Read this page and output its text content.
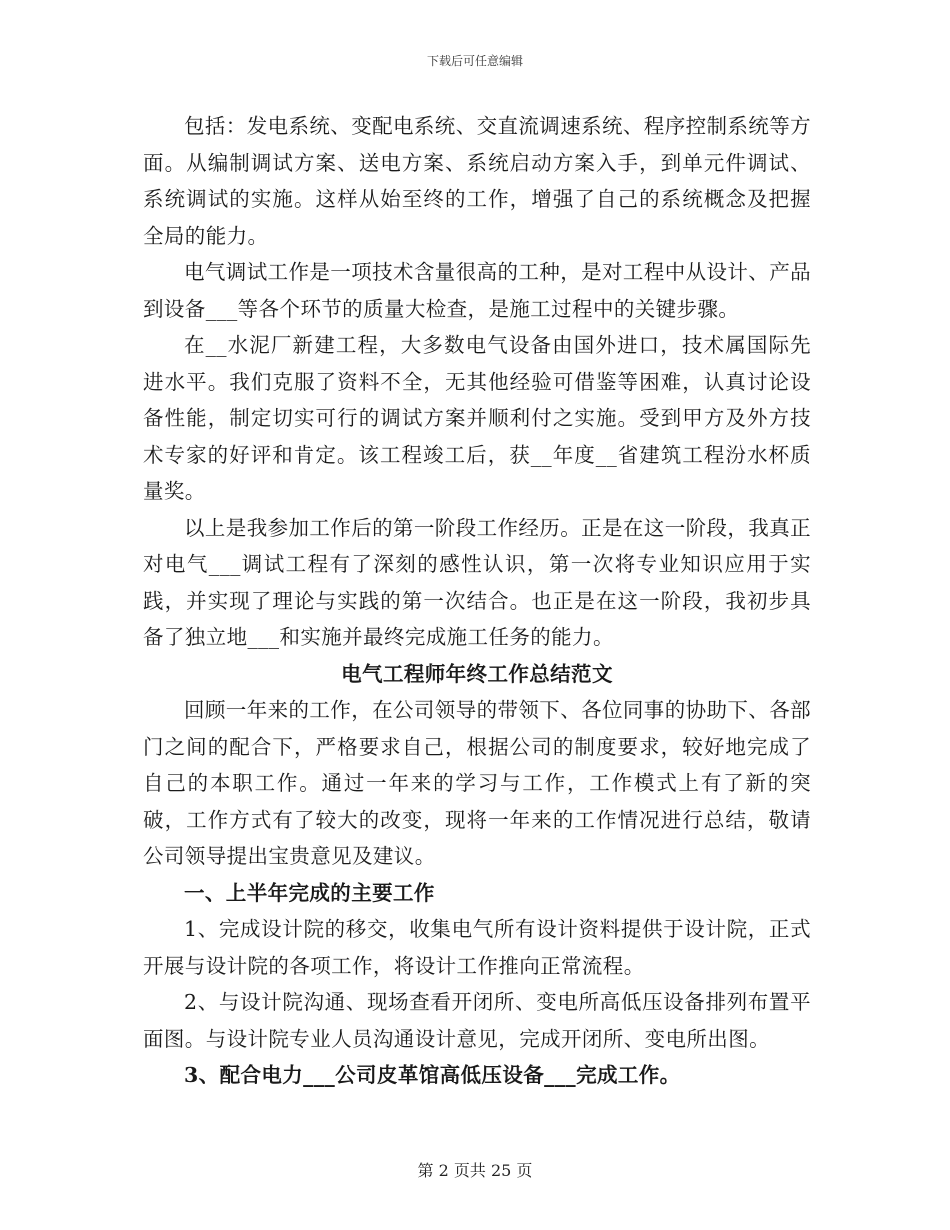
下载后可任意编辑

包括：发电系统、变配电系统、交直流调速系统、程序控制系统等方面。从编制调试方案、送电方案、系统启动方案入手，到单元件调试、系统调试的实施。这样从始至终的工作，增强了自己的系统概念及把握全局的能力。

电气调试工作是一项技术含量很高的工种，是对工程中从设计、产品到设备___等各个环节的质量大检查，是施工过程中的关键步骤。

在__水泥厂新建工程，大多数电气设备由国外进口，技术属国际先进水平。我们克服了资料不全，无其他经验可借鉴等困难，认真讨论设备性能，制定切实可行的调试方案并顺利付之实施。受到甲方及外方技术专家的好评和肯定。该工程竣工后，获__年度__省建筑工程汾水杯质量奖。

以上是我参加工作后的第一阶段工作经历。正是在这一阶段，我真正对电气___调试工程有了深刻的感性认识，第一次将专业知识应用于实践，并实现了理论与实践的第一次结合。也正是在这一阶段，我初步具备了独立地___和实施并最终完成施工任务的能力。

电气工程师年终工作总结范文

回顾一年来的工作，在公司领导的带领下、各位同事的协助下、各部门之间的配合下，严格要求自己，根据公司的制度要求，较好地完成了自己的本职工作。通过一年来的学习与工作，工作模式上有了新的突破，工作方式有了较大的改变，现将一年来的工作情况进行总结，敬请公司领导提出宝贵意见及建议。

一、上半年完成的主要工作

1、完成设计院的移交，收集电气所有设计资料提供于设计院，正式开展与设计院的各项工作，将设计工作推向正常流程。

2、与设计院沟通、现场查看开闭所、变电所高低压设备排列布置平面图。与设计院专业人员沟通设计意见，完成开闭所、变电所出图。

3、配合电力___公司皮革馆高低压设备___完成工作。

第 2 页共 25 页
